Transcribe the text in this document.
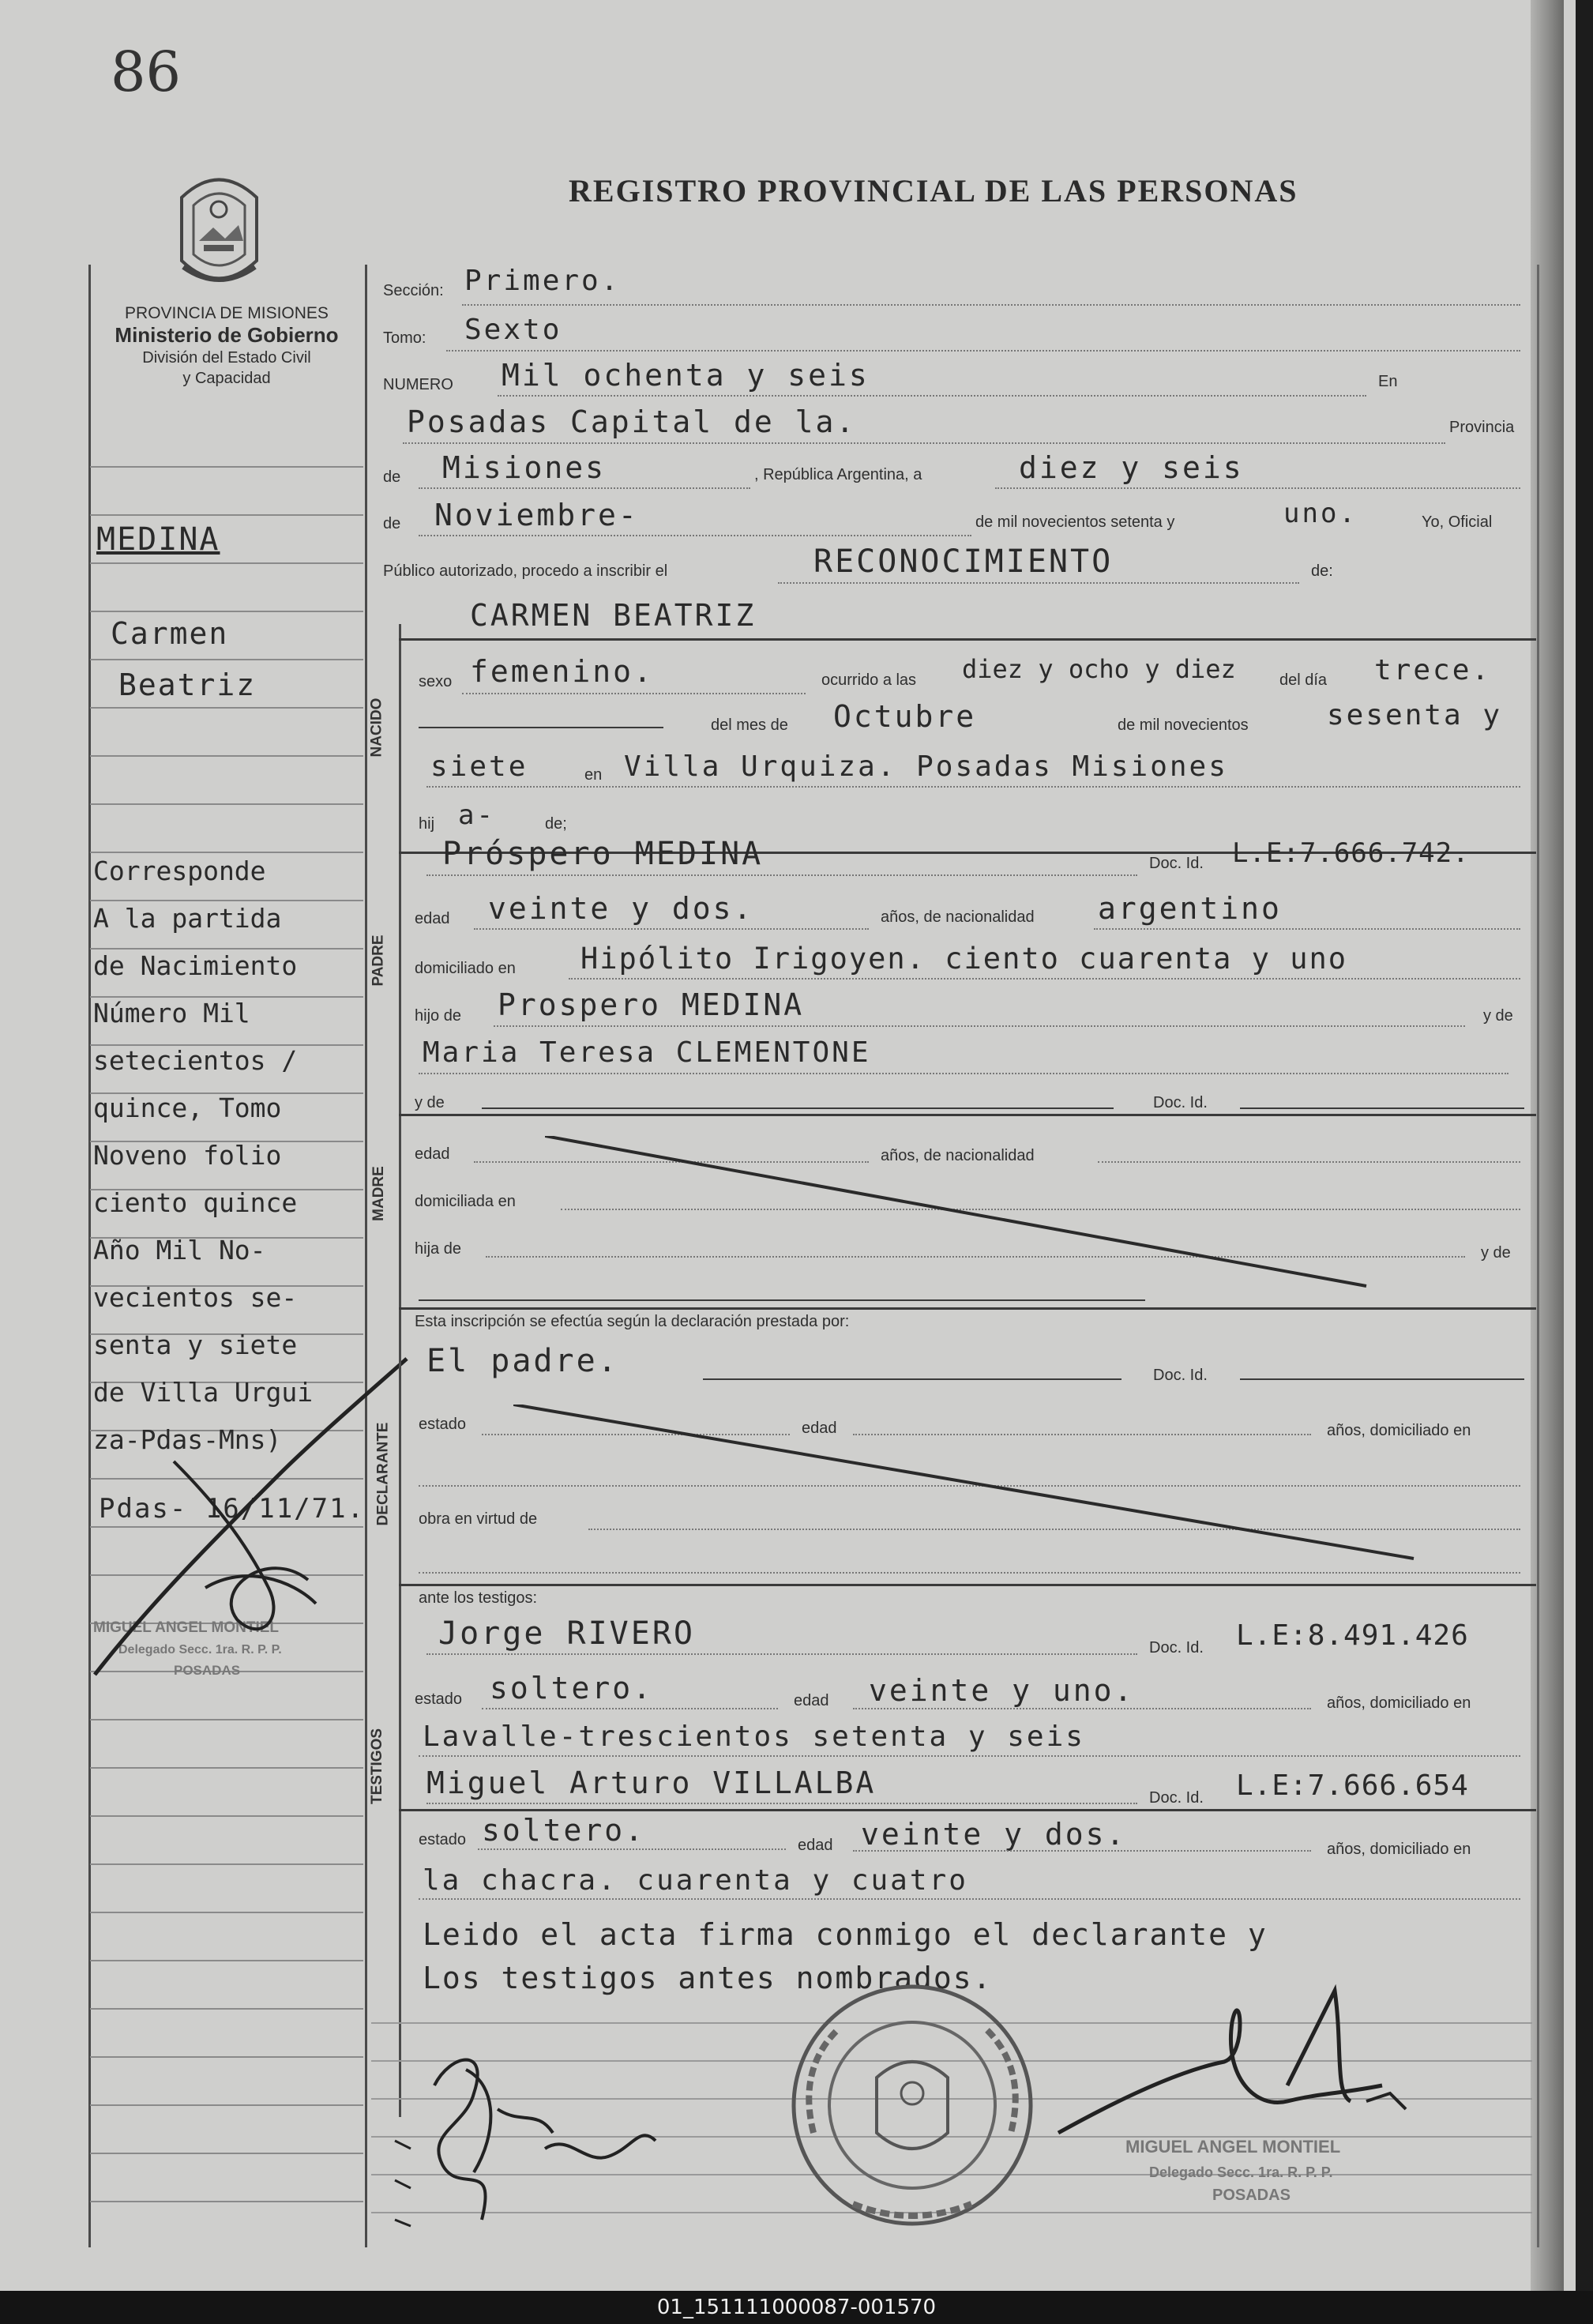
86
REGISTRO PROVINCIAL DE LAS PERSONAS
PROVINCIA DE MISIONES
Ministerio de Gobierno
División del Estado Civil
y Capacidad
MEDINA
Carmen
Beatriz
Corresponde
A la partida
de Nacimiento
Número Mil
setecientos /
quince, Tomo
Noveno folio
ciento quince
Año Mil No-
vecientos se-
senta y siete
de Villa Urgui
za-Pdas-Mns)
Pdas- 16/11/71.
MIGUEL ANGEL MONTIEL
Delegado Secc. 1ra. R. P. P.
POSADAS
NACIDO
PADRE
MADRE
DECLARANTE
TESTIGOS
Sección: Primero.
Tomo: Sexto
NUMERO Mil ochenta y seis	En
Posadas Capital de la.	Provincia
de Misiones	, República Argentina, a	diez y seis
de Noviembre-	de mil novecientos setenta y	uno.	Yo, Oficial
Público autorizado, procedo a inscribir el	RECONOCIMIENTO	de:
CARMEN BEATRIZ
sexo femenino.	ocurrido a las diez y ocho y diez	del día trece.
del mes de Octubre	de mil novecientos	sesenta y
siete	en Villa Urquiza. Posadas Misiones
hij a-	de;
Próspero MEDINA	Doc. Id. L.E:7.666.742.
edad veinte y dos.	años, de nacionalidad argentino
domiciliado en Hipólito Irigoyen. ciento cuarenta y uno
hijo de Prospero MEDINA	y de
Maria Teresa CLEMENTONE
y de	Doc. Id.
edad	años, de nacionalidad
domiciliada en
hija de	y de
Esta inscripción se efectúa según la declaración prestada por:
El padre.	Doc. Id.
estado	edad	años, domiciliado en
obra en virtud de
ante los testigos:
Jorge RIVERO	Doc. Id. L.E:8.491.426
estado soltero.	edad veinte y uno.	años, domiciliado en
Lavalle-trescientos setenta y seis
Miguel Arturo VILLALBA	Doc. Id. L.E:7.666.654
estado soltero.	edad veinte y dos.	años, domiciliado en
la chacra. cuarenta y cuatro
Leido el acta firma conmigo el declarante y
Los testigos antes nombrados.
MIGUEL ANGEL MONTIEL
Delegado Secc. 1ra. R. P. P.
POSADAS
01_151111000087-001570
